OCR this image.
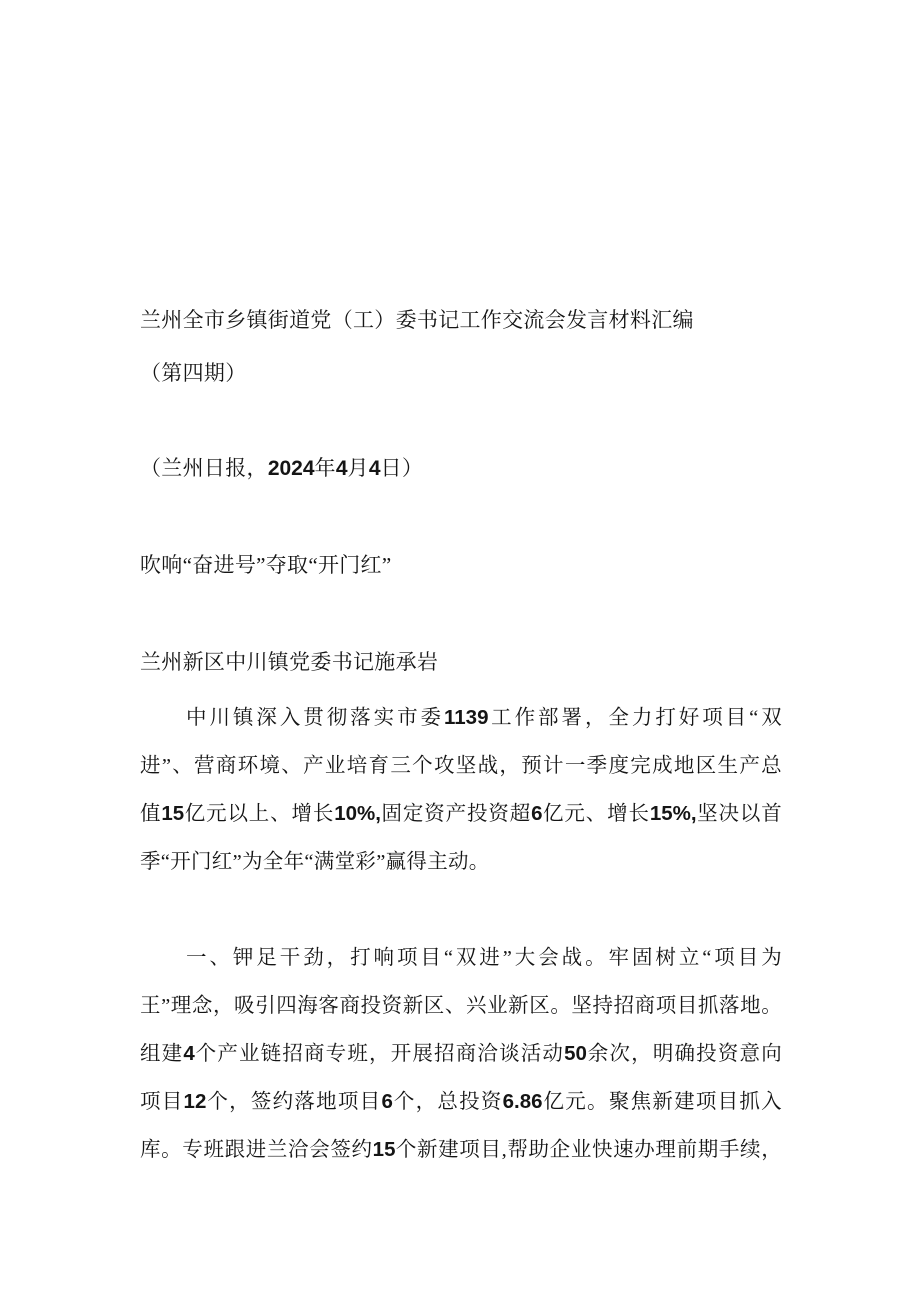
兰州全市乡镇街道党（工）委书记工作交流会发言材料汇编
（第四期）
（兰州日报，2024年4月4日）
吹响“奋进号”夺取“开门红”
兰州新区中川镇党委书记施承岩
中川镇深入贯彻落实市委1139工作部署，全力打好项目“双
进”、营商环境、产业培育三个攻坚战，预计一季度完成地区生产总
值15亿元以上、增长10%,固定资产投资超6亿元、增长15%,坚决以首
季“开门红”为全年“满堂彩”赢得主动。
一、钾足干劲，打响项目“双进”大会战。牢固树立“项目为
王”理念，吸引四海客商投资新区、兴业新区。坚持招商项目抓落地。
组建4个产业链招商专班，开展招商洽谈活动50余次，明确投资意向
项目12个，签约落地项目6个，总投资6.86亿元。聚焦新建项目抓入
库。专班跟进兰洽会签约15个新建项目,帮助企业快速办理前期手续，
